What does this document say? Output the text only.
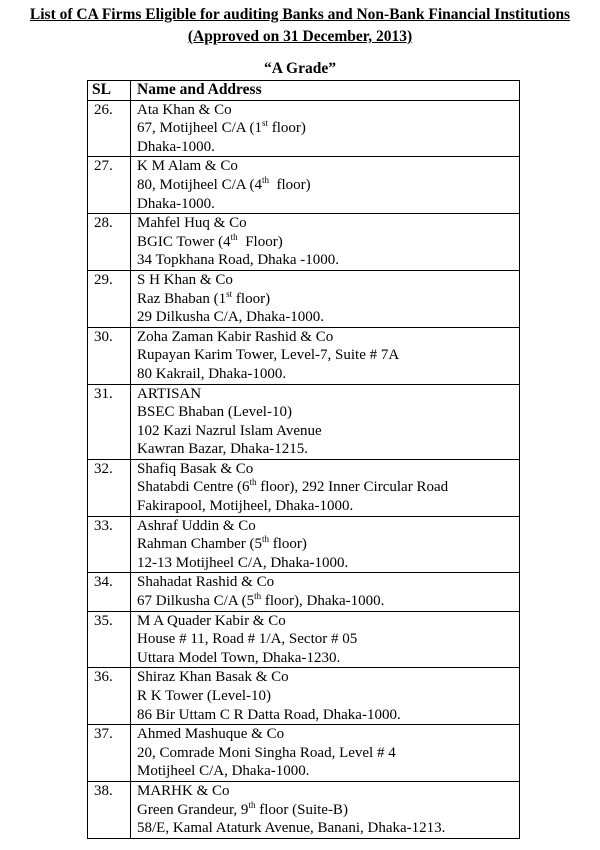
List of CA Firms Eligible for auditing Banks and Non-Bank Financial Institutions
(Approved on 31 December, 2013)
“A Grade”
SL	Name and Address
26.	Ata Khan & Co
67, Motijheel C/A (1st floor)
Dhaka-1000.

27.	K M Alam & Co
80, Motijheel C/A (4th  floor)
Dhaka-1000.

28.	Mahfel Huq & Co
BGIC Tower (4th  Floor)
34 Topkhana Road, Dhaka -1000.

29.	S H Khan & Co
Raz Bhaban (1st floor)
29 Dilkusha C/A, Dhaka-1000.

30.	Zoha Zaman Kabir Rashid & Co
Rupayan Karim Tower, Level-7, Suite # 7A
80 Kakrail, Dhaka-1000.

31.	ARTISAN
BSEC Bhaban (Level-10)
102 Kazi Nazrul Islam Avenue
Kawran Bazar, Dhaka-1215.

32.	Shafiq Basak & Co
Shatabdi Centre (6th floor), 292 Inner Circular Road
Fakirapool, Motijheel, Dhaka-1000.

33.	Ashraf Uddin & Co
Rahman Chamber (5th floor)
12-13 Motijheel C/A, Dhaka-1000.

34.	Shahadat Rashid & Co
67 Dilkusha C/A (5th floor), Dhaka-1000.

35.	M A Quader Kabir & Co
House # 11, Road # 1/A, Sector # 05
Uttara Model Town, Dhaka-1230.

36.	Shiraz Khan Basak & Co
R K Tower (Level-10)
86 Bir Uttam C R Datta Road, Dhaka-1000.

37.	Ahmed Mashuque & Co
20, Comrade Moni Singha Road, Level # 4
Motijheel C/A, Dhaka-1000.

38.	MARHK & Co
Green Grandeur, 9th floor (Suite-B)
58/E, Kamal Ataturk Avenue, Banani, Dhaka-1213.
